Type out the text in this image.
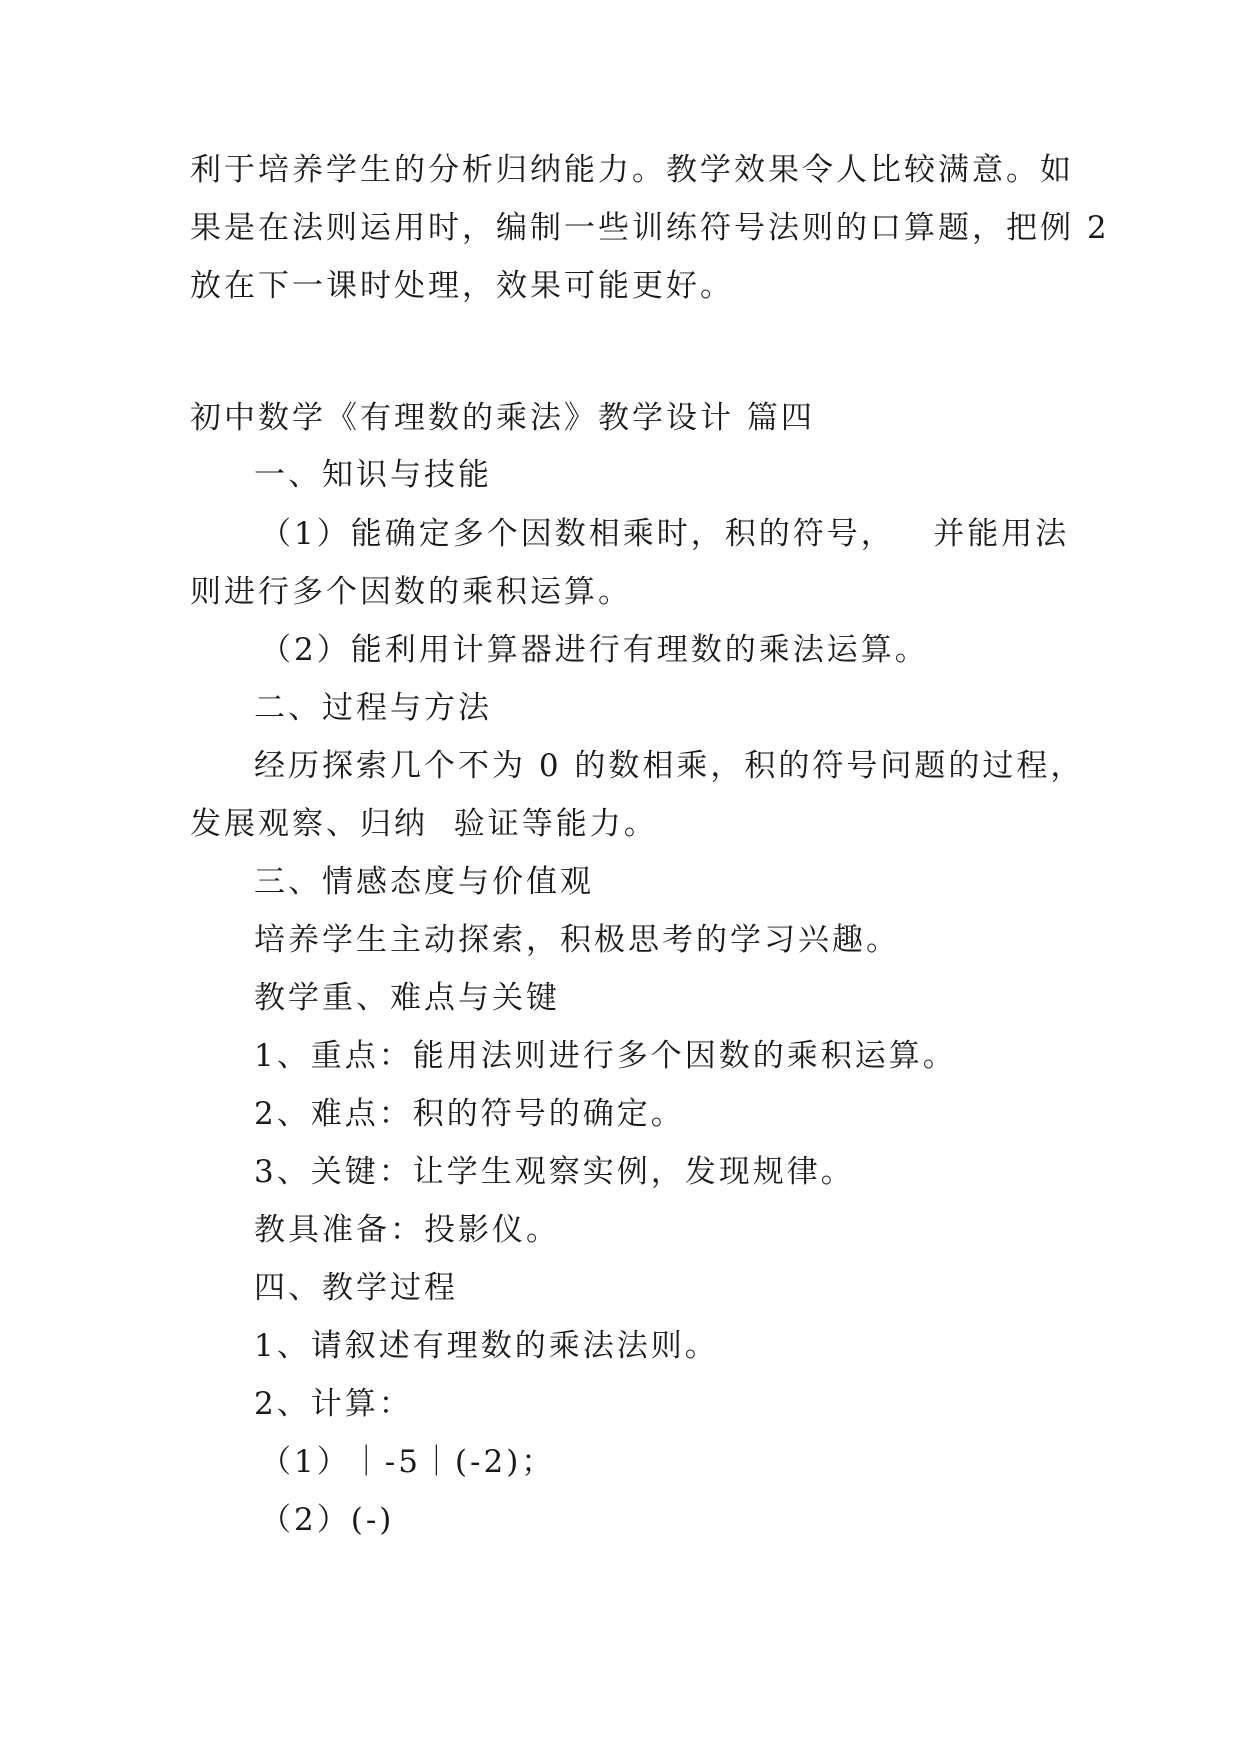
利于培养学生的分析归纳能力。教学效果令人比较满意。如
果是在法则运用时，编制一些训练符号法则的口算题，把例 2
放在下一课时处理，效果可能更好。
初中数学《有理数的乘法》教学设计 篇四
一、知识与技能
（1）能确定多个因数相乘时，积的符号，   并能用法
则进行多个因数的乘积运算。
（2）能利用计算器进行有理数的乘法运算。
二、过程与方法
经历探索几个不为 0 的数相乘，积的符号问题的过程，
发展观察、归纳  验证等能力。
三、情感态度与价值观
培养学生主动探索，积极思考的学习兴趣。
教学重、难点与关键
1、重点：能用法则进行多个因数的乘积运算。
2、难点：积的符号的确定。
3、关键：让学生观察实例，发现规律。
教具准备：投影仪。
四、教学过程
1、请叙述有理数的乘法法则。
2、计算：
（1）｜-5｜(-2)；
（2）(-)
